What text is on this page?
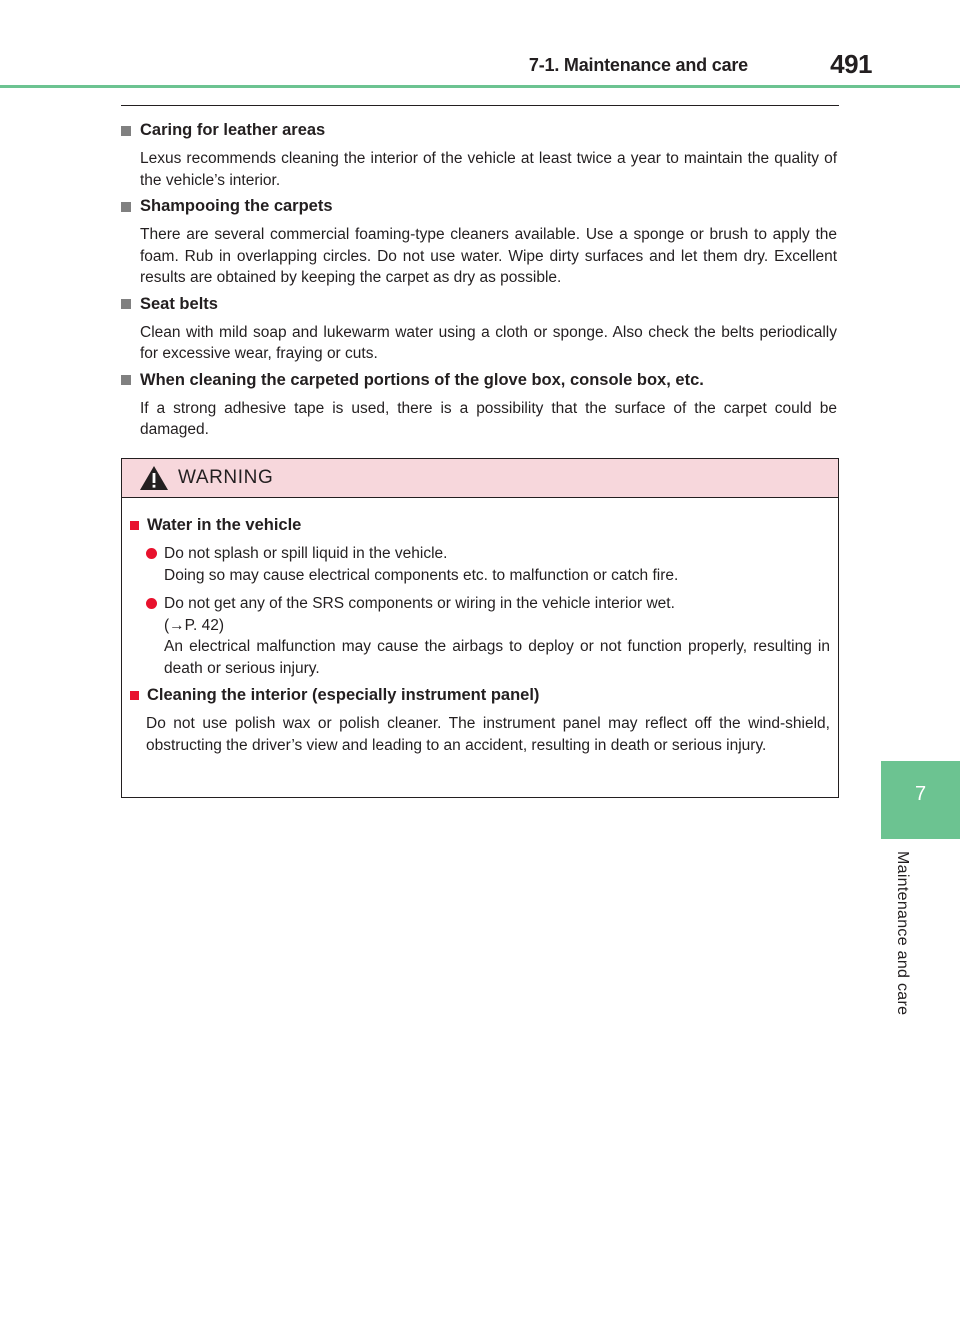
7-1. Maintenance and care	491
7
Maintenance and care
Caring for leather areas
Lexus recommends cleaning the interior of the vehicle at least twice a year to maintain the quality of the vehicle’s interior.
Shampooing the carpets
There are several commercial foaming-type cleaners available. Use a sponge or brush to apply the foam. Rub in overlapping circles. Do not use water. Wipe dirty surfaces and let them dry. Excellent results are obtained by keeping the carpet as dry as possible.
Seat belts
Clean with mild soap and lukewarm water using a cloth or sponge. Also check the belts periodically for excessive wear, fraying or cuts.
When cleaning the carpeted portions of the glove box, console box, etc.
If a strong adhesive tape is used, there is a possibility that the surface of the carpet could be damaged.
WARNING
Water in the vehicle
Do not splash or spill liquid in the vehicle.
Doing so may cause electrical components etc. to malfunction or catch fire.
Do not get any of the SRS components or wiring in the vehicle interior wet.
(→P. 42)
An electrical malfunction may cause the airbags to deploy or not function properly, resulting in death or serious injury.
Cleaning the interior (especially instrument panel)
Do not use polish wax or polish cleaner. The instrument panel may reflect off the wind-shield, obstructing the driver’s view and leading to an accident, resulting in death or serious injury.
